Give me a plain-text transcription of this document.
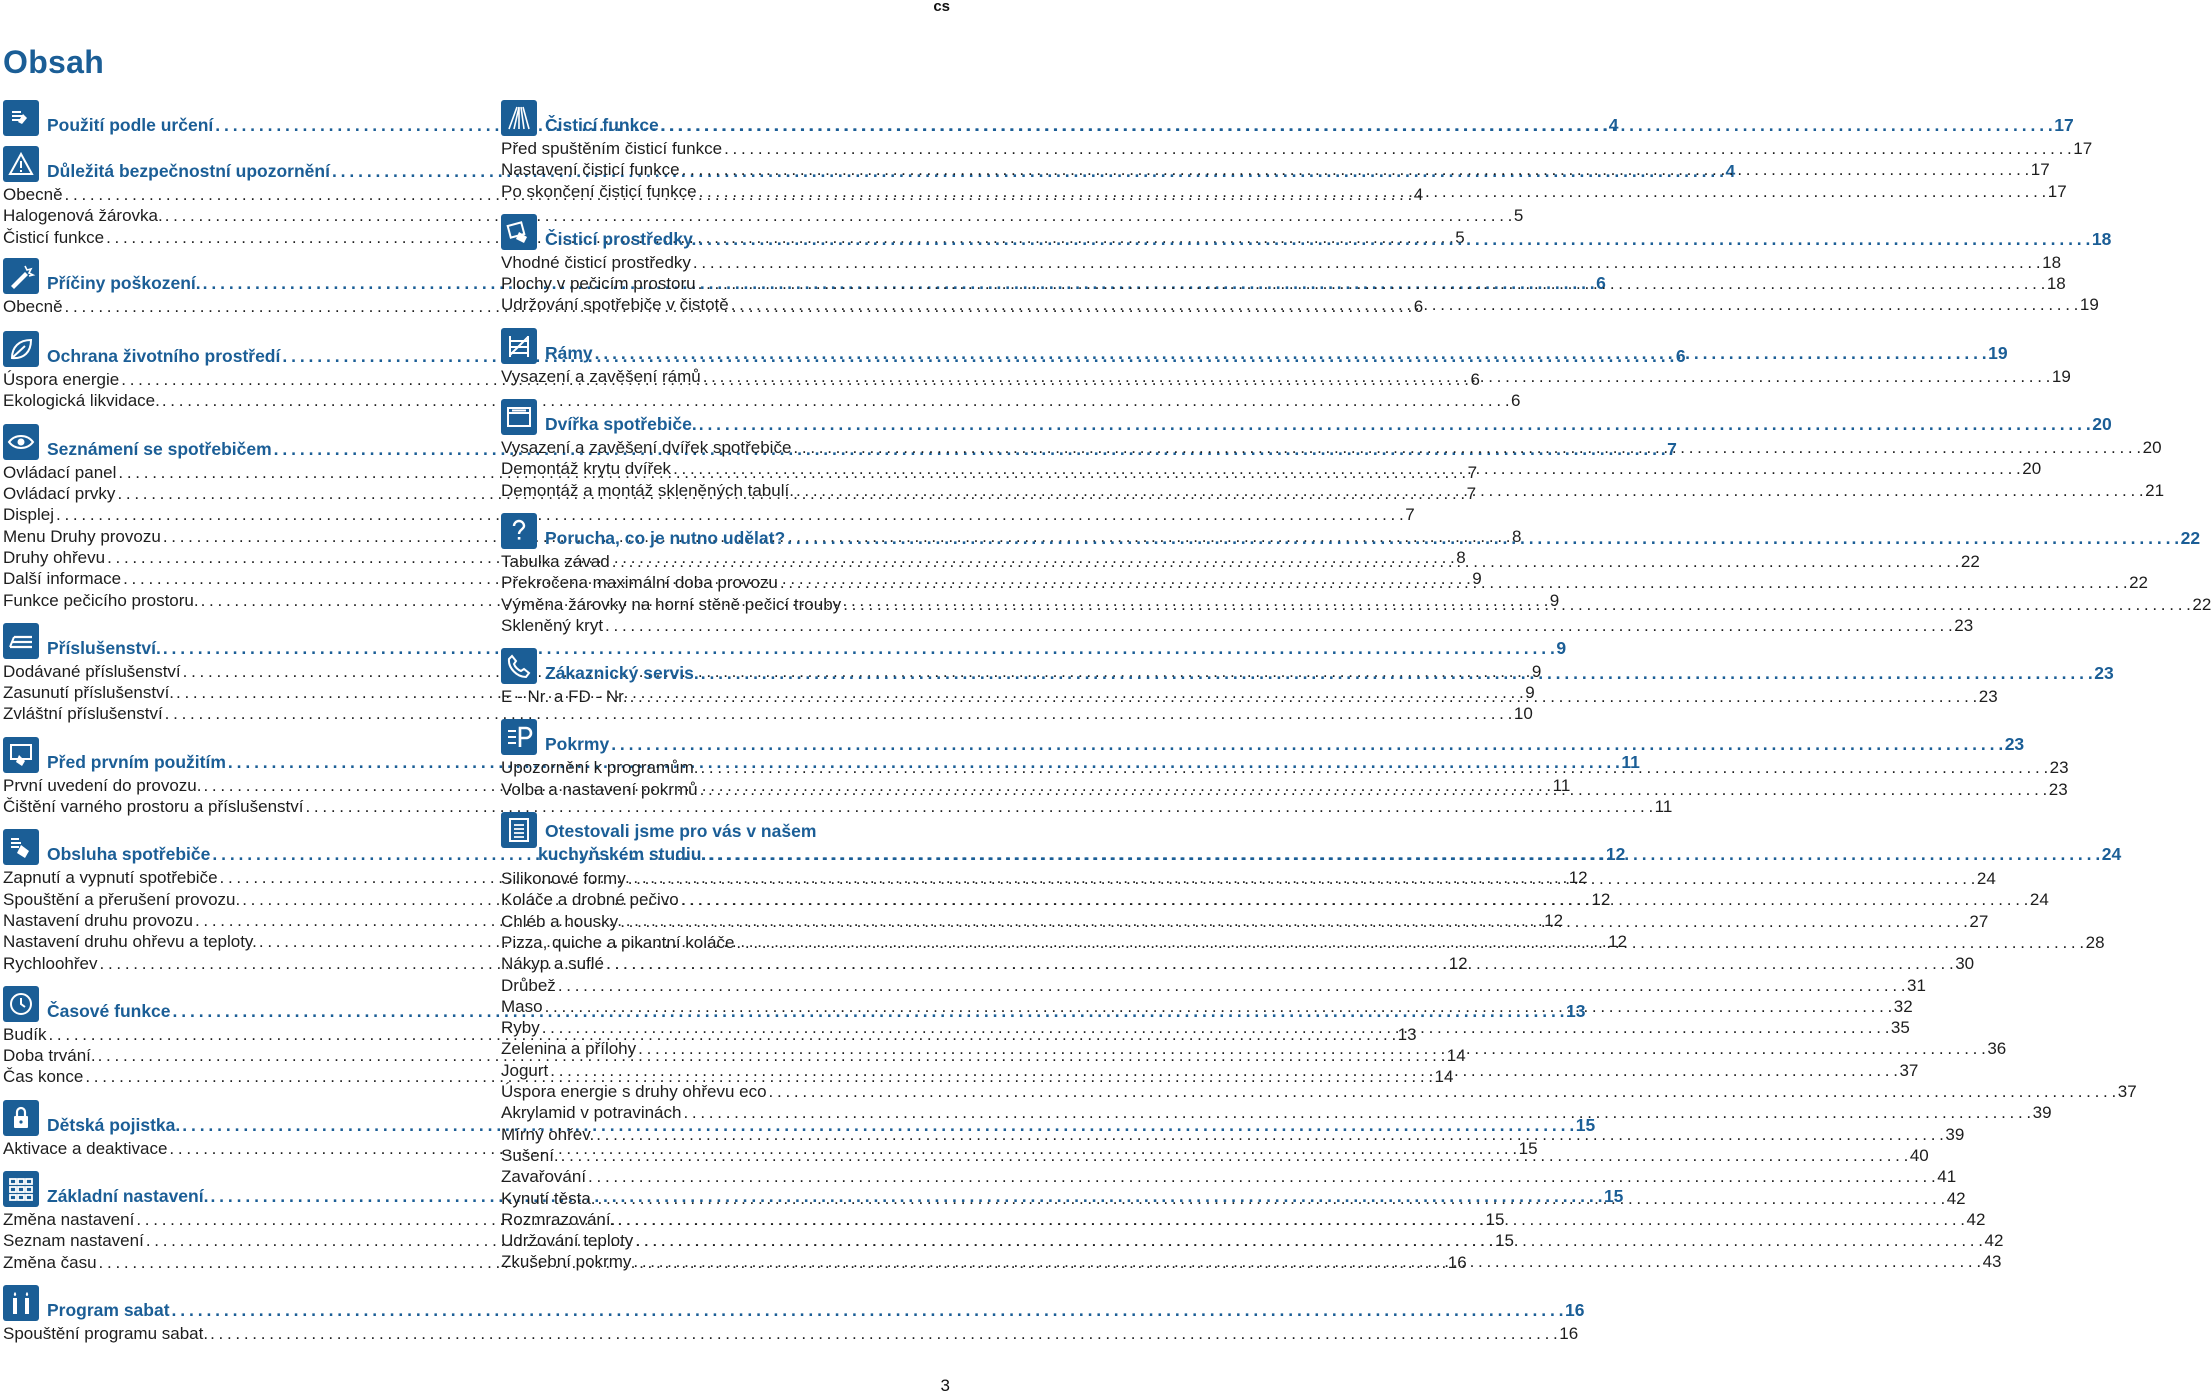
cs
Obsah
Použití podle určení . . .	4
Důležitá bezpečnostní upozornění . . .	4
Obecně . . .	4
Halogenová žárovka. . . .	5
Čisticí funkce . . .	5
Příčiny poškození. . . .	6
Obecně . . .	6
Ochrana životního prostředí . . .	6
Úspora energie . . .	6
Ekologická likvidace. . . .	6
Seznámení se spotřebičem . . .	7
Ovládací panel . . .	7
Ovládací prvky . . .	7
Displej . . .	7
Menu Druhy provozu . . .	8
Druhy ohřevu . . .	8
Další informace . . .	9
Funkce pečicího prostoru. . . .	9
Příslušenství. . . .	9
Dodávané příslušenství . . .	9
Zasunutí příslušenství. . . .	9
Zvláštní příslušenství . . .	10
Před prvním použitím . . .	11
První uvedení do provozu. . . .	11
Čištění varného prostoru a příslušenství . . .	11
Obsluha spotřebiče . . .	12
Zapnutí a vypnutí spotřebiče . . .	12
Spouštění a přerušení provozu. . . .	12
Nastavení druhu provozu . . .	12
Nastavení druhu ohřevu a teploty. . . .	12
Rychloohřev . . .	12
Časové funkce . . .	13
Budík . . .	13
Doba trvání. . . .	14
Čas konce . . .	14
Dětská pojistka. . . .	15
Aktivace a deaktivace . . .	15
Základní nastavení. . . .	15
Změna nastavení . . .	15
Seznam nastavení . . .	15
Změna času . . .	16
Program sabat . . .	16
Spouštění programu sabat. . . .	16
Čisticí funkce . . .	17
Před spuštěním čisticí funkce . . .	17
Nastavení čisticí funkce . . .	17
Po skončení čisticí funkce . . .	17
Čisticí prostředky. . . .	18
Vhodné čisticí prostředky . . .	18
Plochy v pečicím prostoru . . .	18
Udržování spotřebiče v čistotě . . .	19
Rámy . . .	19
Vysazení a zavěšení rámů . . .	19
Dvířka spotřebiče. . . .	20
Vysazení a zavěšení dvířek spotřebiče . . .	20
Demontáž krytu dvířek . . .	20
Demontáž a montáž skleněných tabulí. . . .	21
Porucha, co je nutno udělat? . . .	22
Tabulka závad . . .	22
Překročena maximální doba provozu . . .	22
Výměna žárovky na horní stěně pečicí trouby . . .	22
Skleněný kryt . . .	23
Zákaznický servis. . . .	23
E - Nr. a FD - Nr. . . .	23
Pokrmy . . .	23
Upozornění k programům. . . .	23
Volba a nastavení pokrmů . . .	23
Otestovali jsme pro vás v našem
kuchyňském studiu. . . .	24
Silikonové formy . . .	24
Koláče a drobné pečivo . . .	24
Chléb a housky . . .	27
Pizza, quiche a pikantní koláče . . .	28
Nákyp a suflé . . .	30
Drůbež . . .	31
Maso . . .	32
Ryby . . .	35
Zelenina a přílohy . . .	36
Jogurt . . .	37
Úspora energie s druhy ohřevu eco . . .	37
Akrylamid v potravinách . . .	39
Mírný ohřev. . . .	39
Sušení. . . .	40
Zavařování . . .	41
Kynutí těsta. . . .	42
Rozmrazování. . . .	42
Udržování teploty . . .	42
Zkušební pokrmy . . .	43
3
